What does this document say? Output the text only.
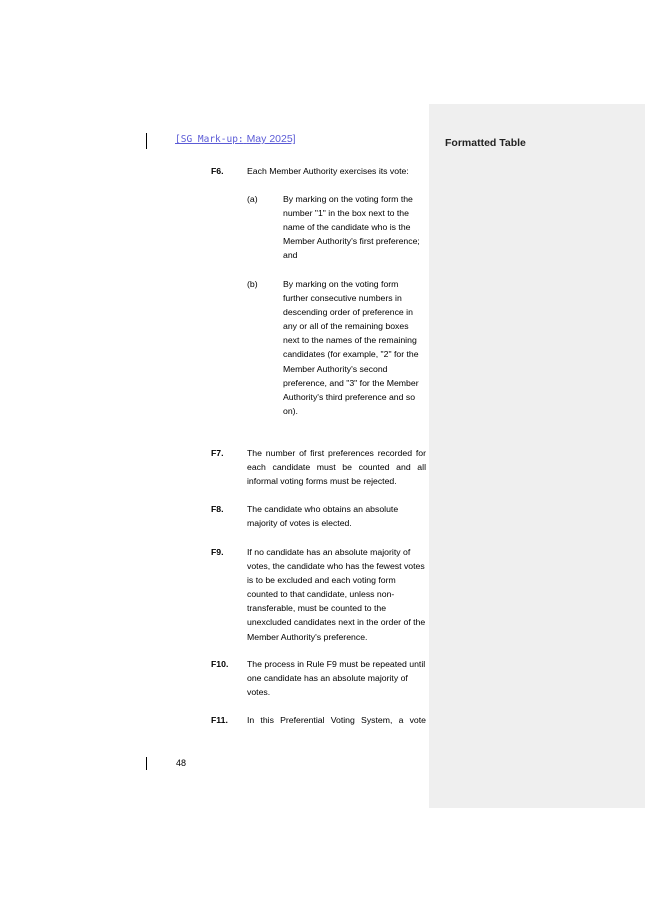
Formatted Table
[SG Mark-up: May 2025]
F6.	Each Member Authority exercises its vote:
(a)	By marking on the voting form the number "1" in the box next to the name of the candidate who is the Member Authority's first preference; and
(b)	By marking on the voting form further consecutive numbers in descending order of preference in any or all of the remaining boxes next to the names of the remaining candidates (for example, "2" for the Member Authority's second preference, and "3" for the Member Authority's third preference and so on).
F7.	The number of first preferences recorded for each candidate must be counted and all informal voting forms must be rejected.
F8.	The candidate who obtains an absolute majority of votes is elected.
F9.	If no candidate has an absolute majority of votes, the candidate who has the fewest votes is to be excluded and each voting form counted to that candidate, unless non-transferable, must be counted to the unexcluded candidates next in the order of the Member Authority's preference.
F10.	The process in Rule F9 must be repeated until one candidate has an absolute majority of votes.
F11.	In this Preferential Voting System, a vote
48
